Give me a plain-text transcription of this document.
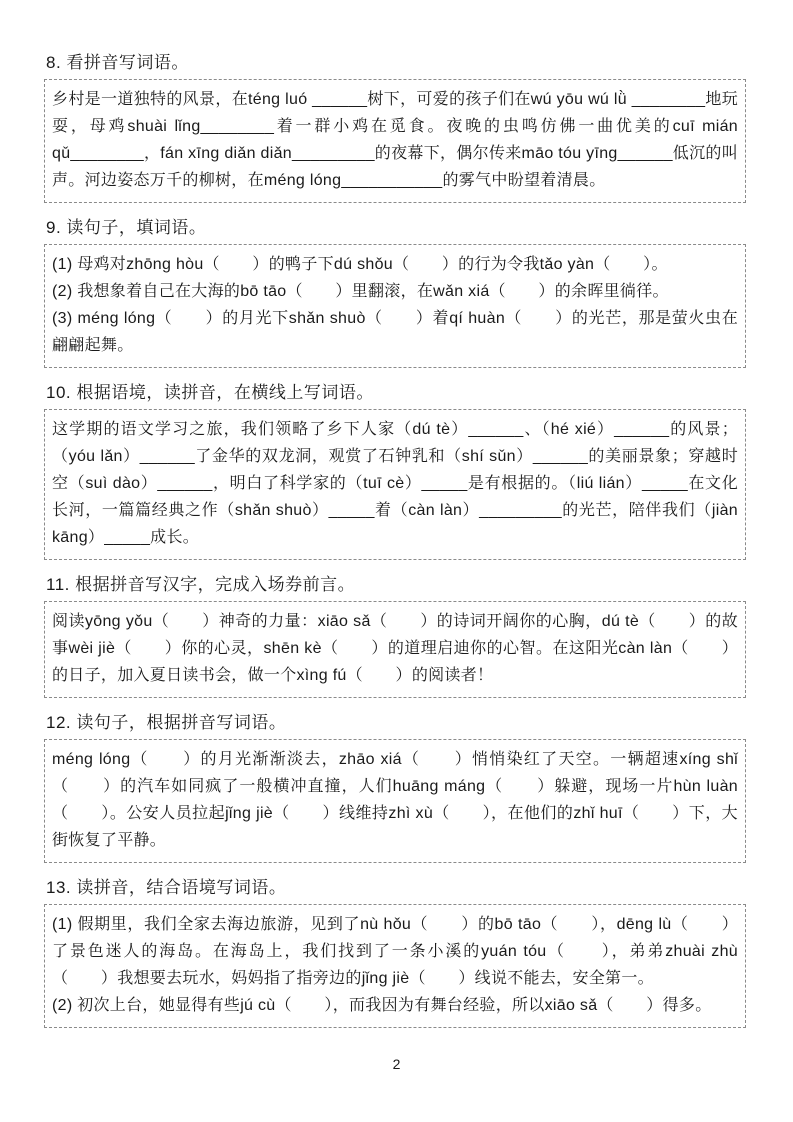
8. 看拼音写词语。

乡村是一道独特的风景，在téng luó ______树下，可爱的孩子们在wú yōu wú lǜ ________地玩耍，母鸡shuài lǐng________着一群小鸡在觅食。夜晚的虫鸣仿佛一曲优美的cuī mián qǔ________，fán xīng diǎn diǎn_________的夜幕下，偶尔传来māo tóu yīng______低沉的叫声。河边姿态万千的柳树，在méng lóng___________的雾气中盼望着清晨。

9. 读句子，填词语。

(1) 母鸡对zhōng hòu（　　）的鸭子下dú shǒu（　　）的行为令我tǎo yàn（　　）。

(2) 我想象着自己在大海的bō tāo（　　）里翻滚，在wǎn xiá（　　）的余晖里徜徉。

(3) méng lóng（　　）的月光下shǎn shuò（　　）着qí huàn（　　）的光芒，那是萤火虫在翩翩起舞。

10. 根据语境，读拼音，在横线上写词语。

这学期的语文学习之旅，我们领略了乡下人家（dú tè）______、（hé xié）______的风景；（yóu lǎn）______了金华的双龙洞，观赏了石钟乳和（shí sǔn）______的美丽景象；穿越时空（suì dào）______，明白了科学家的（tuī cè）_____是有根据的。（liú lián）_____在文化长河，一篇篇经典之作（shǎn shuò）_____着（càn làn）_________的光芒，陪伴我们（jiàn kāng）_____成长。

11. 根据拼音写汉字，完成入场券前言。

阅读yōng yǒu（　　）神奇的力量：xiāo sǎ（　　）的诗词开阔你的心胸，dú tè（　　）的故事wèi jiè（　　）你的心灵，shēn kè（　　）的道理启迪你的心智。在这阳光càn làn（　　）的日子，加入夏日读书会，做一个xìng fú（　　）的阅读者！

12. 读句子，根据拼音写词语。

méng lóng（　　）的月光渐渐淡去，zhāo xiá（　　）悄悄染红了天空。一辆超速xíng shǐ（　　）的汽车如同疯了一般横冲直撞，人们huāng máng（　　）躲避，现场一片hùn luàn（　　）。公安人员拉起jǐng jiè（　　）线维持zhì xù（　　），在他们的zhǐ huī（　　）下，大街恢复了平静。

13. 读拼音，结合语境写词语。

(1) 假期里，我们全家去海边旅游，见到了nù hǒu（　　）的bō tāo（　　），dēng lù（　　）了景色迷人的海岛。在海岛上，我们找到了一条小溪的yuán tóu（　　），弟弟zhuài zhù（　　）我想要去玩水，妈妈指了指旁边的jǐng jiè（　　）线说不能去，安全第一。

(2) 初次上台，她显得有些jú cù（　　），而我因为有舞台经验，所以xiāo sǎ（　　）得多。

2
